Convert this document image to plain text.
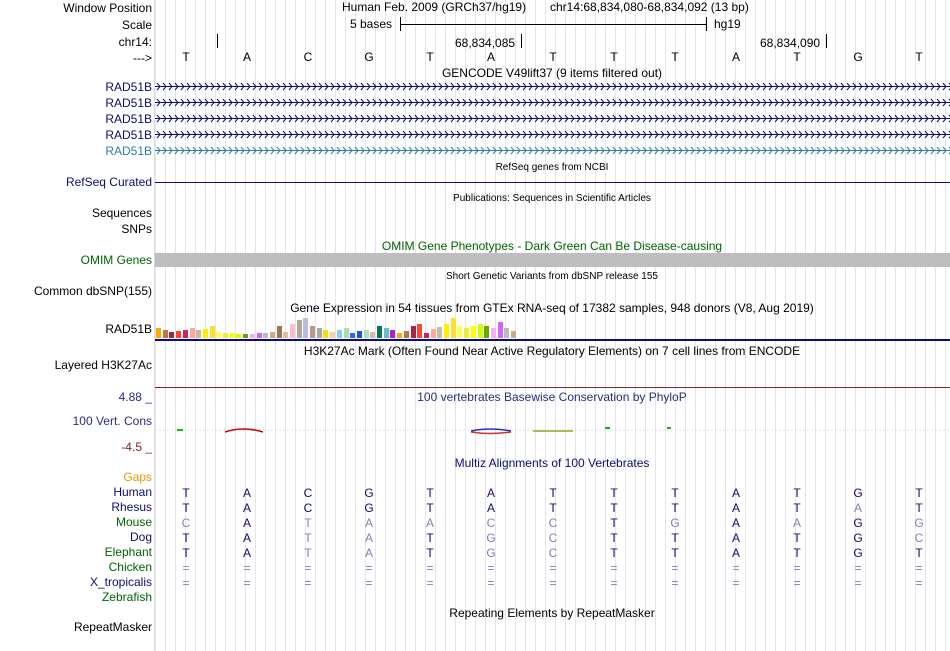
Window Position
Scale
chr14:
--->
RAD51B
RAD51B
RAD51B
RAD51B
RAD51B
RefSeq Curated
Sequences
SNPs
OMIM Genes
Common dbSNP(155)
RAD51B
Layered H3K27Ac
4.88 _
100 Vert. Cons
-4.5 _
Gaps
Human
Rhesus
Mouse
Dog
Elephant
Chicken
X_tropicalis
Zebrafish
RepeatMasker
Human Feb. 2009 (GRCh37/hg19) chr14:68,834,080-68,834,092 (13 bp)
5 bases	hg19
68,834,085	68,834,090
T	A	C	G	T	A	T	T	T	A	T	G	T
GENCODE V49lift37 (9 items filtered out)
RefSeq genes from NCBI
Publications: Sequences in Scientific Articles
OMIM Gene Phenotypes - Dark Green Can Be Disease-causing
Short Genetic Variants from dbSNP release 155
Gene Expression in 54 tissues from GTEx RNA-seq of 17382 samples, 948 donors (V8, Aug 2019)
H3K27Ac Mark (Often Found Near Active Regulatory Elements) on 7 cell lines from ENCODE
100 vertebrates Basewise Conservation by PhyloP
Multiz Alignments of 100 Vertebrates
T	A	C	G	T	A	T	T	T	A	T	G	T
T	A	C	G	T	A	T	T	T	A	T	A	T
C	A	T	A	A	C	C	T	G	A	A	G	G
T	A	T	A	T	G	C	T	T	A	T	G	C
T	A	T	A	T	G	C	T	T	A	T	G	T
=	=	=	=	=	=	=	=	=	=	=	=	=
=	=	=	=	=	=	=	=	=	=	=	=	=
Repeating Elements by RepeatMasker
